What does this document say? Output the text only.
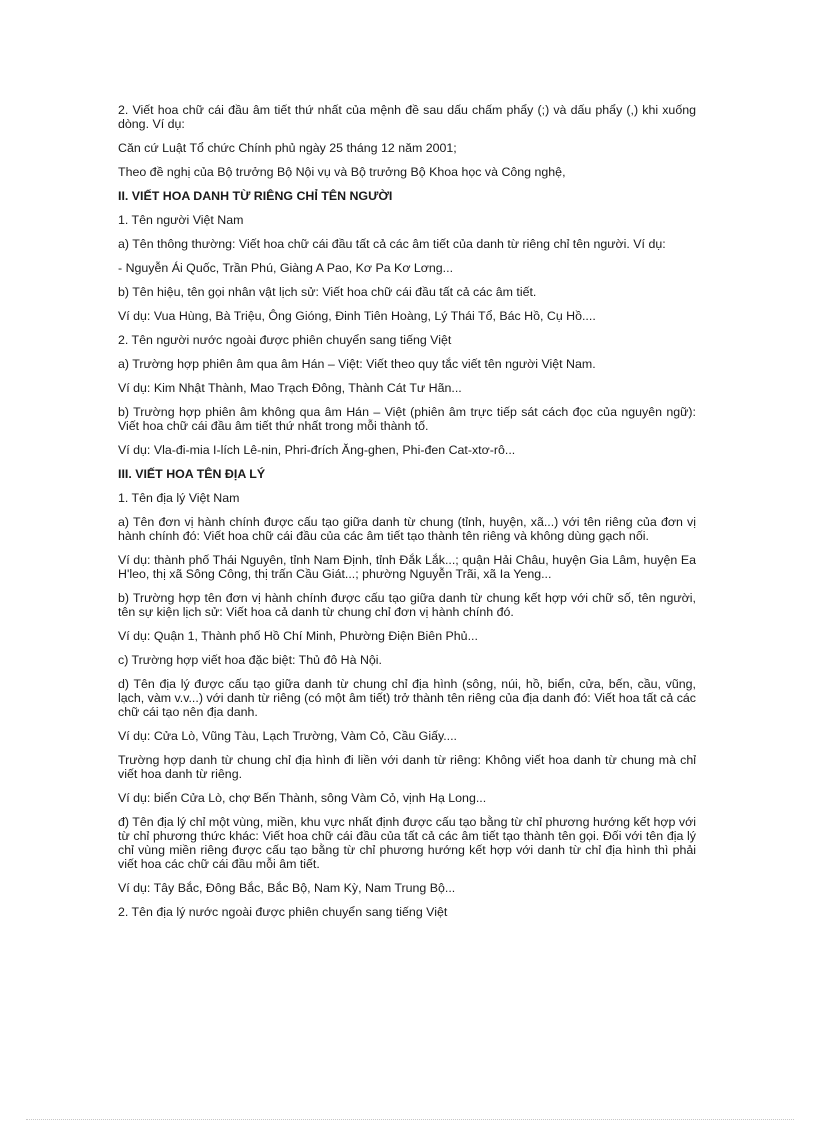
2. Viết hoa chữ cái đầu âm tiết thứ nhất của mệnh đề sau dấu chấm phẩy (;) và dấu phẩy (,) khi xuống dòng. Ví dụ:

Căn cứ Luật Tổ chức Chính phủ ngày 25 tháng 12 năm 2001;

Theo đề nghị của Bộ trưởng Bộ Nội vụ và Bộ trưởng Bộ Khoa học và Công nghệ,

II. VIẾT HOA DANH TỪ RIÊNG CHỈ TÊN NGƯỜI

1. Tên người Việt Nam

a) Tên thông thường: Viết hoa chữ cái đầu tất cả các âm tiết của danh từ riêng chỉ tên người. Ví dụ:

- Nguyễn Ái Quốc, Trần Phú, Giàng A Pao, Kơ Pa Kơ Lơng...

b) Tên hiệu, tên gọi nhân vật lịch sử: Viết hoa chữ cái đầu tất cả các âm tiết.

Ví dụ: Vua Hùng, Bà Triệu, Ông Gióng, Đinh Tiên Hoàng, Lý Thái Tổ, Bác Hồ, Cụ Hồ....

2. Tên người nước ngoài được phiên chuyển sang tiếng Việt

a) Trường hợp phiên âm qua âm Hán – Việt: Viết theo quy tắc viết tên người Việt Nam.

Ví dụ: Kim Nhật Thành, Mao Trạch Đông, Thành Cát Tư Hãn...

b) Trường hợp phiên âm không qua âm Hán – Việt (phiên âm trực tiếp sát cách đọc của nguyên ngữ): Viết hoa chữ cái đầu âm tiết thứ nhất trong mỗi thành tố.

Ví dụ: Vla-đi-mia I-lích Lê-nin, Phri-đrích Ăng-ghen, Phi-đen Cat-xtơ-rô...

III. VIẾT HOA TÊN ĐỊA LÝ

1. Tên địa lý Việt Nam

a) Tên đơn vị hành chính được cấu tạo giữa danh từ chung (tỉnh, huyện, xã...) với tên riêng của đơn vị hành chính đó: Viết hoa chữ cái đầu của các âm tiết tạo thành tên riêng và không dùng gạch nối.

Ví dụ: thành phố Thái Nguyên, tỉnh Nam Định, tỉnh Đắk Lắk...; quận Hải Châu, huyện Gia Lâm, huyện Ea H'leo, thị xã Sông Công, thị trấn Cầu Giát...; phường Nguyễn Trãi, xã Ia Yeng...

b) Trường hợp tên đơn vị hành chính được cấu tạo giữa danh từ chung kết hợp với chữ số, tên người, tên sự kiện lịch sử: Viết hoa cả danh từ chung chỉ đơn vị hành chính đó.

Ví dụ: Quận 1, Thành phố Hồ Chí Minh, Phường Điện Biên Phủ...

c) Trường hợp viết hoa đặc biệt: Thủ đô Hà Nội.

d) Tên địa lý được cấu tạo giữa danh từ chung chỉ địa hình (sông, núi, hồ, biển, cửa, bến, cầu, vũng, lạch, vàm v.v...) với danh từ riêng (có một âm tiết) trở thành tên riêng của địa danh đó: Viết hoa tất cả các chữ cái tạo nên địa danh.

Ví dụ: Cửa Lò, Vũng Tàu, Lạch Trường, Vàm Cỏ, Cầu Giấy....

Trường hợp danh từ chung chỉ địa hình đi liền với danh từ riêng: Không viết hoa danh từ chung mà chỉ viết hoa danh từ riêng.

Ví dụ: biển Cửa Lò, chợ Bến Thành, sông Vàm Cỏ, vịnh Hạ Long...

đ) Tên địa lý chỉ một vùng, miền, khu vực nhất định được cấu tạo bằng từ chỉ phương hướng kết hợp với từ chỉ phương thức khác: Viết hoa chữ cái đầu của tất cả các âm tiết tạo thành tên gọi. Đối với tên địa lý chỉ vùng miền riêng được cấu tạo bằng từ chỉ phương hướng kết hợp với danh từ chỉ địa hình thì phải viết hoa các chữ cái đầu mỗi âm tiết.

Ví dụ: Tây Bắc, Đông Bắc, Bắc Bộ, Nam Kỳ, Nam Trung Bộ...

2. Tên địa lý nước ngoài được phiên chuyển sang tiếng Việt
